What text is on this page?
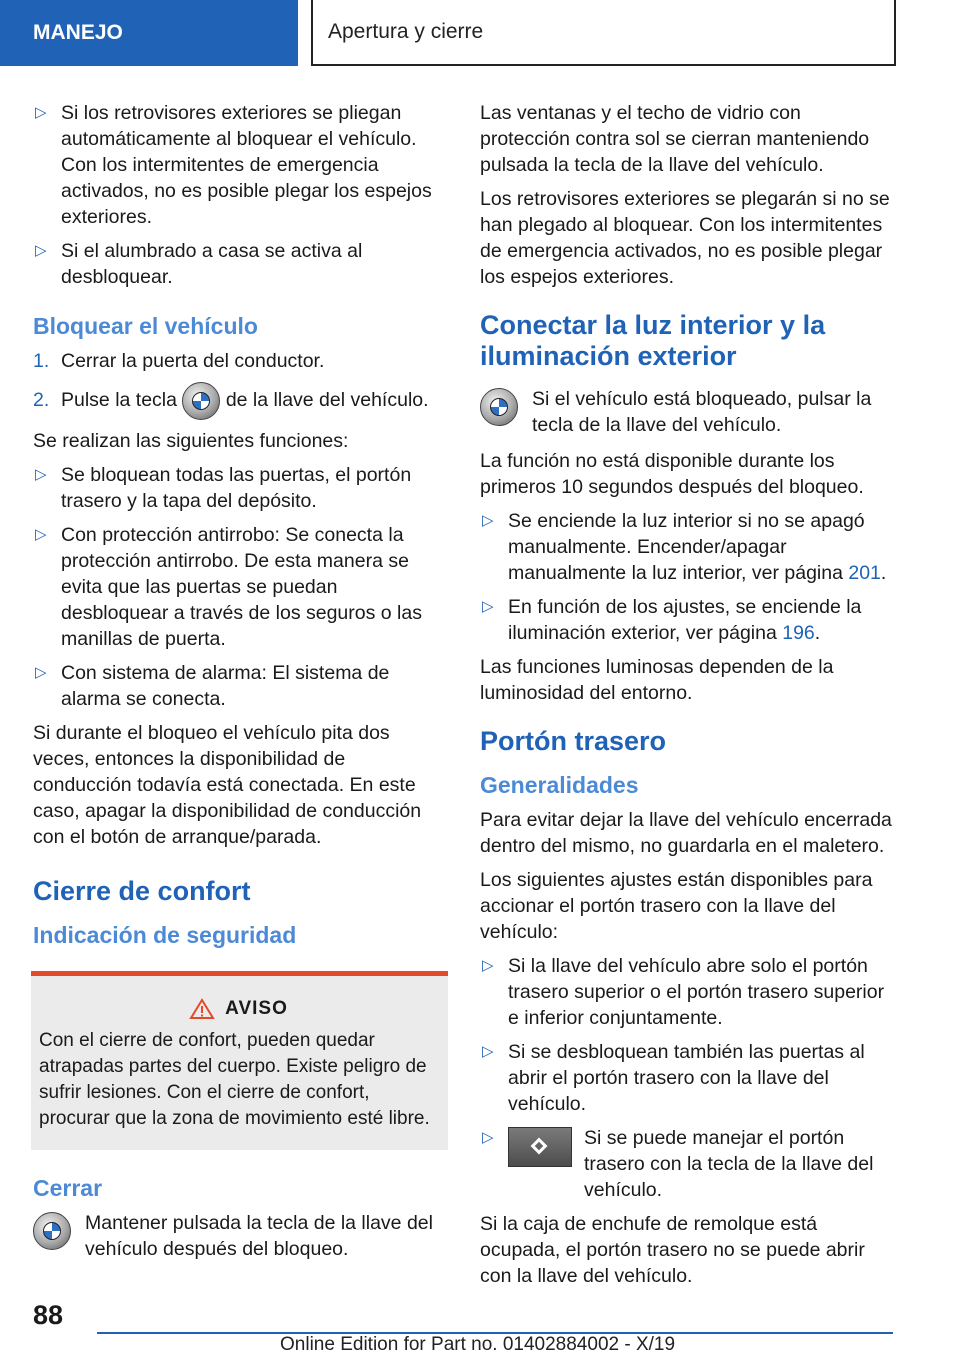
MANEJO	Apertura y cierre
▷ Si los retrovisores exteriores se pliegan automáticamente al bloquear el vehículo. Con los intermitentes de emergencia activados, no es posible plegar los espejos exteriores.
▷ Si el alumbrado a casa se activa al desbloquear.
Bloquear el vehículo
1. Cerrar la puerta del conductor.
2. Pulse la tecla	de la llave del vehículo.

Se realizan las siguientes funciones:

▷ Se bloquean todas las puertas, el portón trasero y la tapa del depósito.
▷ Con protección antirrobo: Se conecta la protección antirrobo. De esta manera se evita que las puertas se puedan desbloquear a través de los seguros o las manillas de puerta.
▷ Con sistema de alarma: El sistema de alarma se conecta.

Si durante el bloqueo el vehículo pita dos veces, entonces la disponibilidad de conducción todavía está conectada. En este caso, apagar la disponibilidad de conducción con el botón de arranque/parada.

Cierre de confort
Indicación de seguridad
AVISO
Con el cierre de confort, pueden quedar atrapadas partes del cuerpo. Existe peligro de sufrir lesiones. Con el cierre de confort, procurar que la zona de movimiento esté libre.
Cerrar
Mantener pulsada la tecla de la llave del vehículo después del bloqueo.

Las ventanas y el techo de vidrio con protección contra sol se cierran manteniendo pulsada la tecla de la llave del vehículo.

Los retrovisores exteriores se plegarán si no se han plegado al bloquear. Con los intermitentes de emergencia activados, no es posible plegar los espejos exteriores.

Conectar la luz interior y la iluminación exterior
Si el vehículo está bloqueado, pulsar la tecla de la llave del vehículo.

La función no está disponible durante los primeros 10 segundos después del bloqueo.

▷ Se enciende la luz interior si no se apagó manualmente. Encender/apagar manualmente la luz interior, ver página 201.
▷ En función de los ajustes, se enciende la iluminación exterior, ver página 196.

Las funciones luminosas dependen de la luminosidad del entorno.

Portón trasero
Generalidades

Para evitar dejar la llave del vehículo encerrada dentro del mismo, no guardarla en el maletero.

Los siguientes ajustes están disponibles para accionar el portón trasero con la llave del vehículo:

▷ Si la llave del vehículo abre solo el portón trasero superior o el portón trasero superior e inferior conjuntamente.
▷ Si se desbloquean también las puertas al abrir el portón trasero con la llave del vehículo.
▷	Si se puede manejar el portón trasero con la tecla de la llave del vehículo.

Si la caja de enchufe de remolque está ocupada, el portón trasero no se puede abrir con la llave del vehículo.

88
Online Edition for Part no. 01402884002 - X/19
